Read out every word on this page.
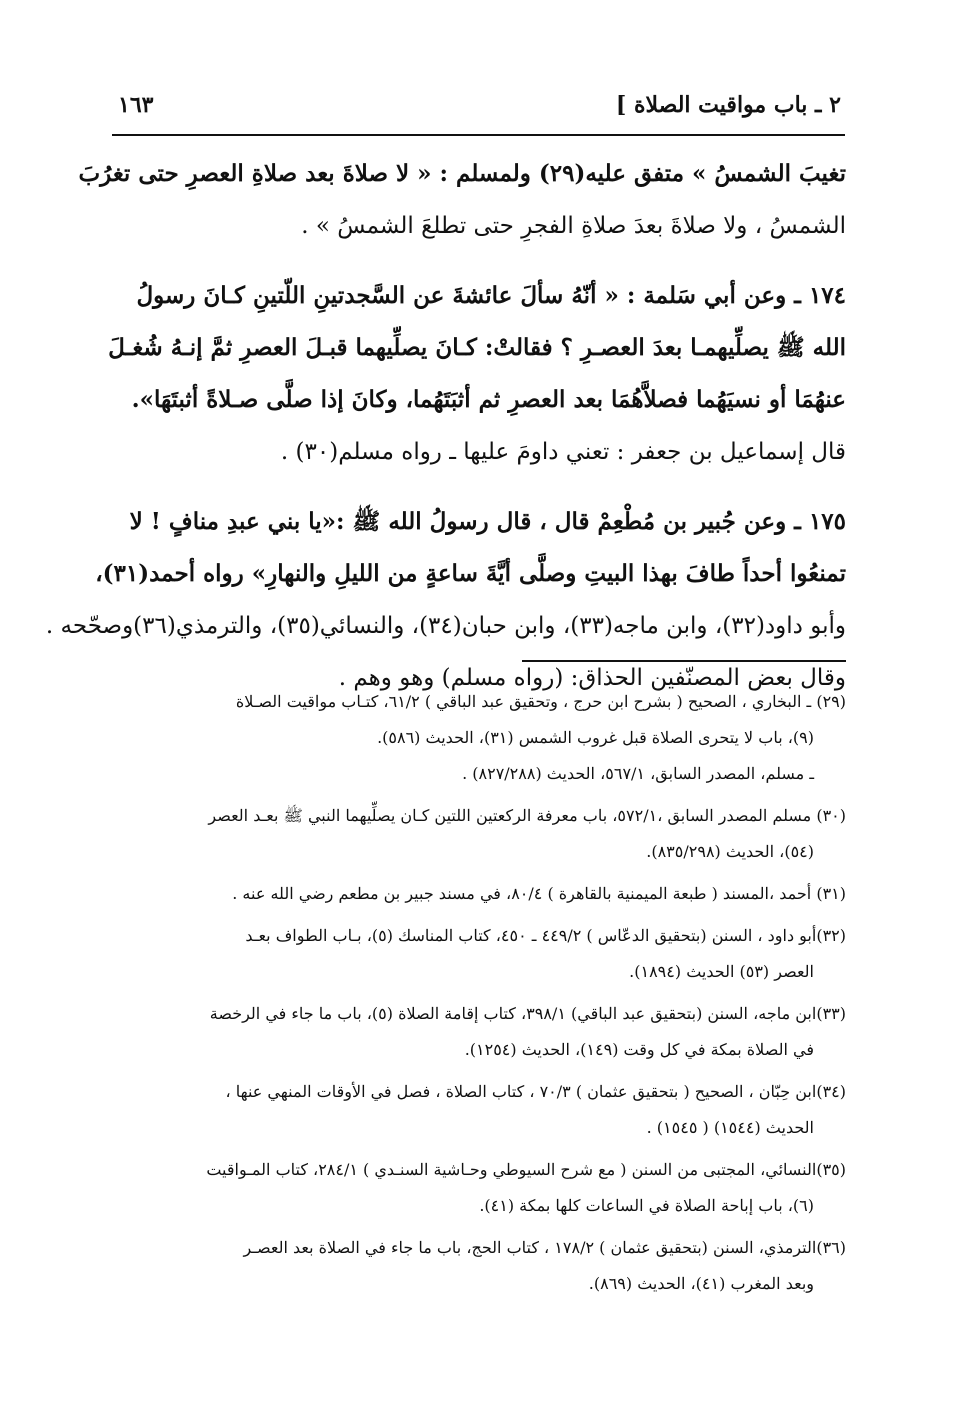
٢ ـ باب مواقيت الصلاة ]
١٦٣
تغيبَ الشمسُ » متفق عليه(٢٩) ولمسلم : « لا صلاةَ بعد صلاةِ العصرِ حتى تغرُبَ
الشمسُ ، ولا صلاةَ بعدَ صلاةِ الفجرِ حتى تطلعَ الشمسُ » .
١٧٤ ـ وعن أبي سَلمة : « أنّهُ سألَ عائشةَ عن السَّجدتينِ اللّتينِ كـانَ رسولُ
الله ﷺ يصلِّيهمـا بعدَ العصـرِ ؟ فقالتْ: كـانَ يصلِّيهما قبـلَ العصرِ ثمَّ إنـهُ شُغـلَ
عنهُمَا أو نسيَهُما فصلاَّهُمَا بعد العصرِ ثم أثبَتَهُما، وكانَ إذا صلَّى صـلاةً أثبتَهَا».
قال إسماعيل بن جعفر : تعني داومَ عليها ـ رواه مسلم(٣٠) .
١٧٥ ـ وعن جُبير بن مُطْعِمْ قال ، قال رسولُ الله ﷺ :«يا بني عبدِ منافٍ ! لا
تمنعُوا أحداً طافَ بهذا البيتِ وصلَّى أيَّةَ ساعةٍ من الليلِ والنهارِ» رواه أحمد(٣١)،
وأبو داود(٣٢)، وابن ماجه(٣٣)، وابن حبان(٣٤)، والنسائي(٣٥)، والترمذي(٣٦)وصحّحه .
وقال بعض المصنّفين الحذاق: (رواه مسلم) وهو وهم .
(٢٩) ـ البخاري ، الصحيح ( بشرح ابن حرج ، وتحقيق عبد الباقي ) ٦١/٢، كتـاب مواقيت الصـلاة
(٩)، باب لا يتحرى الصلاة قبل غروب الشمس (٣١)، الحديث (٥٨٦).
ـ مسلم، المصدر السابق، ٥٦٧/١، الحديث (٨٢٧/٢٨٨) .
(٣٠) مسلم المصدر السابق ،٥٧٢/١، باب معرفة الركعتين اللتين كـان يصلِّيهما النبي ﷺ بعـد العصر
(٥٤)، الحديث (٨٣٥/٢٩٨).
(٣١) أحمد ،المسند ( طبعة الميمنية بالقاهرة ) ٨٠/٤، في مسند جبير بن مطعم رضي الله عنه .
(٣٢)أبو داود ، السنن (بتحقيق الدعّاس ) ٤٤٩/٢ ـ ٤٥٠، كتاب المناسك (٥)، بـاب الطواف بعـد
العصر (٥٣) الحديث (١٨٩٤).
(٣٣)ابن ماجه، السنن (بتحقيق عبد الباقي) ٣٩٨/١، كتاب إقامة الصلاة (٥)، باب ما جاء في الرخصة
في الصلاة بمكة في كل وقت (١٤٩)، الحديث (١٢٥٤).
(٣٤)ابن حِبّان ، الصحيح ( بتحقيق عثمان ) ٧٠/٣ ، كتاب الصلاة ، فصل في الأوقات المنهي عنها ،
الحديث (١٥٤٤) ( ١٥٤٥) .
(٣٥)النسائي، المجتبى من السنن ( مع شرح السيوطي وحـاشية السنـدي ) ٢٨٤/١، كتاب المـواقيت
(٦)، باب إباحة الصلاة في الساعات كلها بمكة (٤١).
(٣٦)الترمذي، السنن (بتحقيق عثمان ) ١٧٨/٢ ، كتاب الحج، باب ما جاء في الصلاة بعد العصـر
وبعد المغرب (٤١)، الحديث (٨٦٩).
